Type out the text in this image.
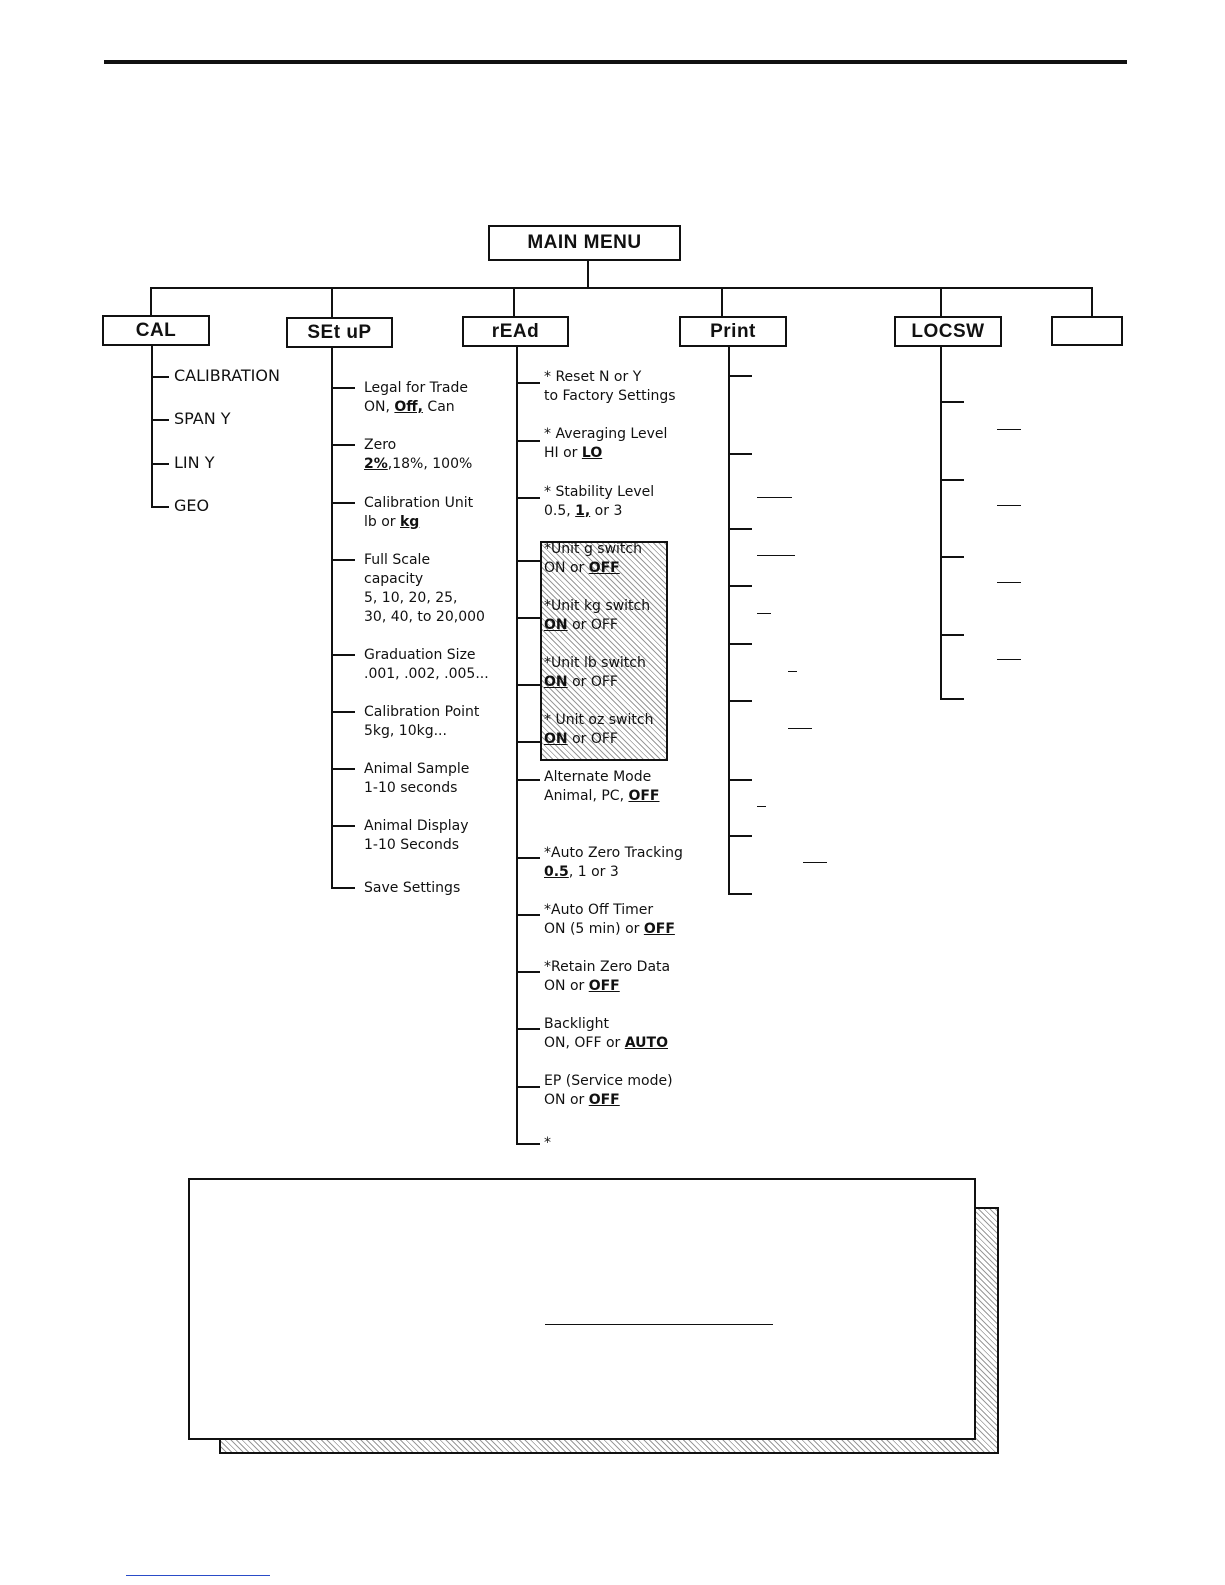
MAIN MENU
CAL	SEt uP	rEAd	Print	LOCSW
CALIBRATION
SPAN Y
LIN Y
GEO
Legal for Trade
ON, Off, Can
Zero
2%,18%, 100%
Calibration Unit
lb or kg
Full Scale
capacity
5, 10, 20, 25,
30, 40, to 20,000
Graduation Size
.001, .002, .005...
Calibration Point
5kg, 10kg...
Animal Sample
1-10 seconds
Animal Display
1-10 Seconds
Save Settings
* Reset N or Y
to Factory Settings
* Averaging Level
HI or LO
* Stability Level
0.5, 1, or 3
*Unit g switch
ON or OFF
*Unit kg switch
ON or OFF
*Unit lb switch
ON or OFF
* Unit oz switch
ON or OFF
Alternate Mode
Animal, PC, OFF
*Auto Zero Tracking
0.5, 1 or 3
*Auto Off Timer
ON (5 min) or OFF
*Retain Zero Data
ON or OFF
Backlight
ON, OFF or AUTO
EP (Service mode)
ON or OFF
*
